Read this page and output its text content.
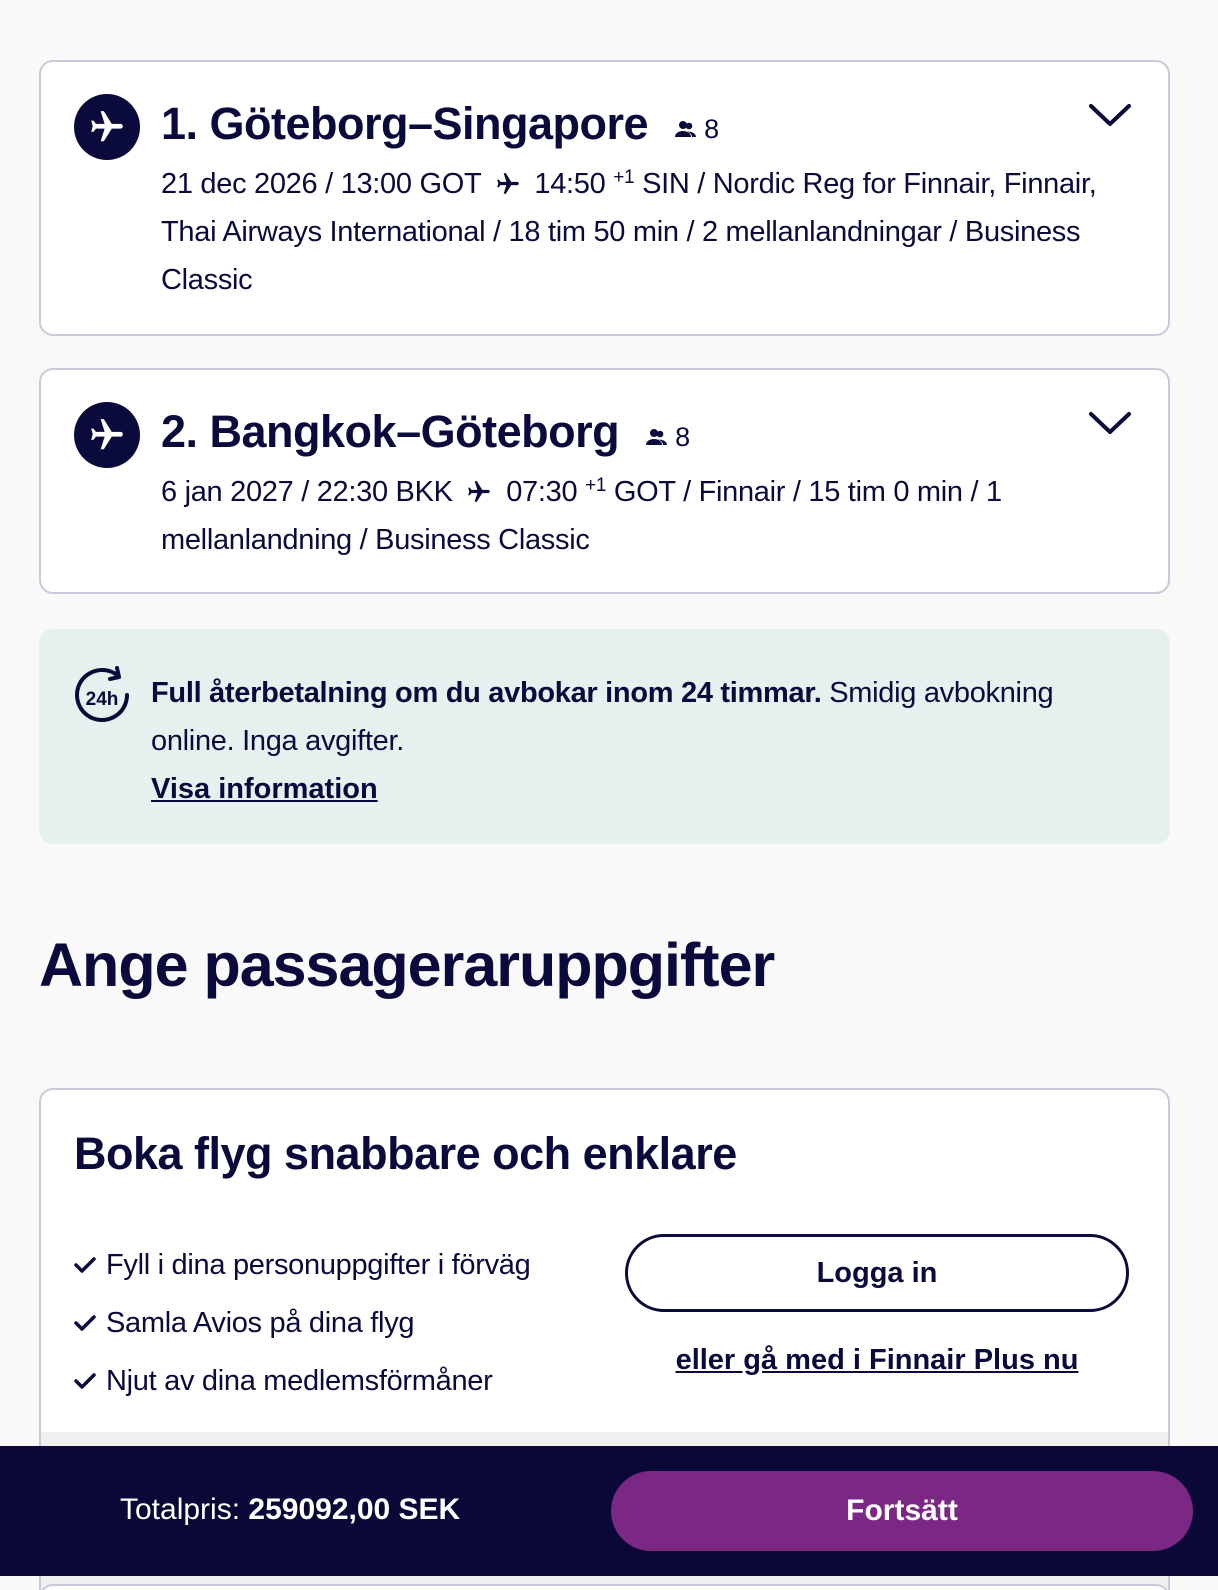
1. Göteborg–Singapore 8
21 dec 2026 / 13:00 GOT 14:50 $^{+1}$ SIN / Nordic Reg for Finnair, Finnair, Thai Airways International / 18 tim 50 min / 2 mellanlandningar / Business Classic
2. Bangkok–Göteborg 8
6 jan 2027 / 22:30 BKK 07:30 $^{+1}$ GOT / Finnair / 15 tim 0 min / 1 mellanlandning / Business Classic
24h Full återbetalning om du avbokar inom 24 timmar. Smidig avbokning online. Inga avgifter.
Visa information
Ange passageraruppgifter
Boka flyg snabbare och enklare
Fyll i dina personuppgifter i förväg
Samla Avios på dina flyg
Njut av dina medlemsförmåner
Logga in
eller gå med i Finnair Plus nu
Totalpris: 259092,00 SEK	Fortsätt
